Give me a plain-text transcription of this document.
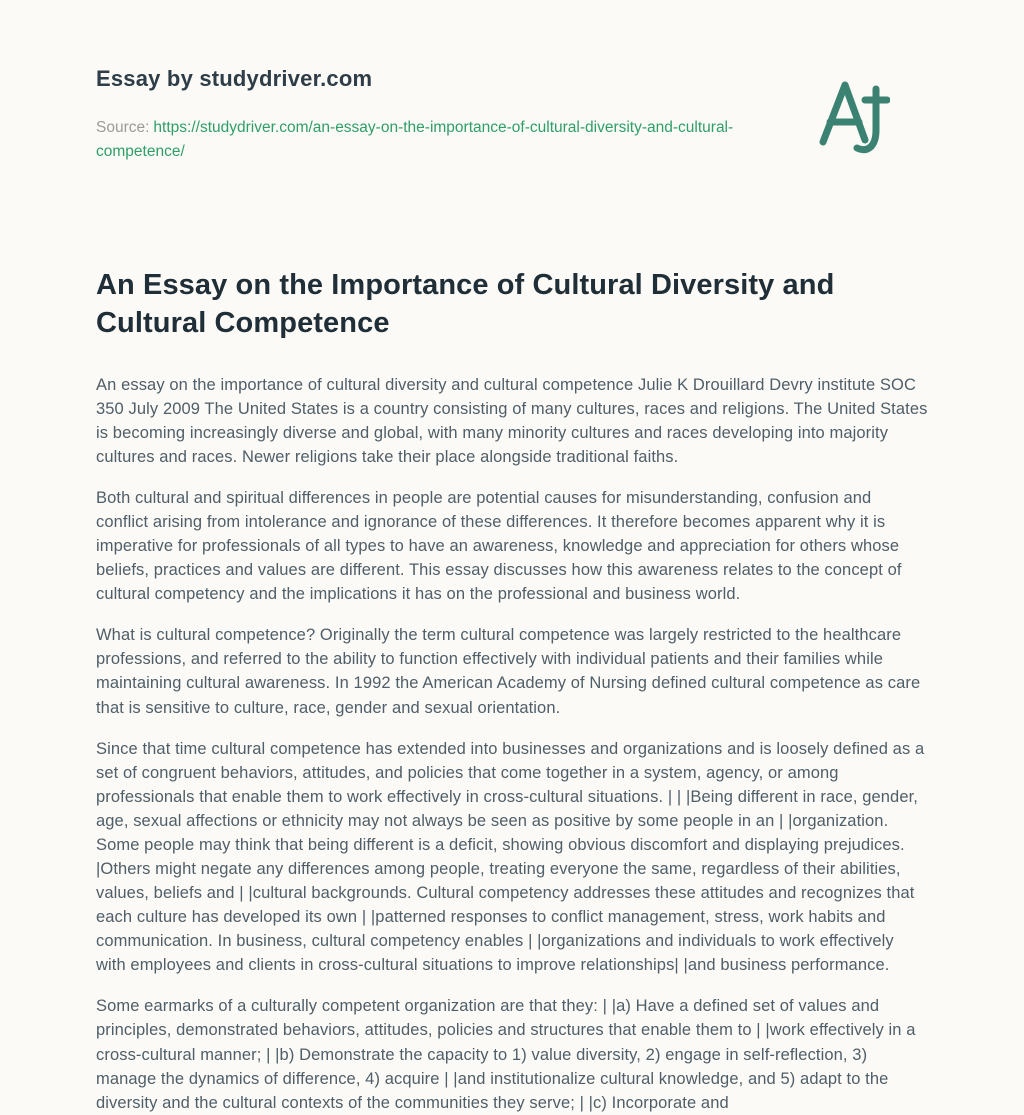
Essay by studydriver.com
Source: https://studydriver.com/an-essay-on-the-importance-of-cultural-diversity-and-cultural-competence/
An Essay on the Importance of Cultural Diversity and Cultural Competence

An essay on the importance of cultural diversity and cultural competence Julie K Drouillard Devry institute SOC 350 July 2009 The United States is a country consisting of many cultures, races and religions. The United States is becoming increasingly diverse and global, with many minority cultures and races developing into majority cultures and races. Newer religions take their place alongside traditional faiths.

Both cultural and spiritual differences in people are potential causes for misunderstanding, confusion and conflict arising from intolerance and ignorance of these differences. It therefore becomes apparent why it is imperative for professionals of all types to have an awareness, knowledge and appreciation for others whose beliefs, practices and values are different. This essay discusses how this awareness relates to the concept of cultural competency and the implications it has on the professional and business world.

What is cultural competence? Originally the term cultural competence was largely restricted to the healthcare professions, and referred to the ability to function effectively with individual patients and their families while maintaining cultural awareness. In 1992 the American Academy of Nursing defined cultural competence as care that is sensitive to culture, race, gender and sexual orientation.

Since that time cultural competence has extended into businesses and organizations and is loosely defined as a set of congruent behaviors, attitudes, and policies that come together in a system, agency, or among professionals that enable them to work effectively in cross-cultural situations. | | |Being different in race, gender, age, sexual affections or ethnicity may not always be seen as positive by some people in an | |organization. Some people may think that being different is a deficit, showing obvious discomfort and displaying prejudices. |Others might negate any differences among people, treating everyone the same, regardless of their abilities, values, beliefs and | |cultural backgrounds. Cultural competency addresses these attitudes and recognizes that each culture has developed its own | |patterned responses to conflict management, stress, work habits and communication. In business, cultural competency enables | |organizations and individuals to work effectively with employees and clients in cross-cultural situations to improve relationships| |and business performance.

Some earmarks of a culturally competent organization are that they: | |a) Have a defined set of values and principles, demonstrated behaviors, attitudes, policies and structures that enable them to | |work effectively in a cross-cultural manner; | |b) Demonstrate the capacity to 1) value diversity, 2) engage in self-reflection, 3) manage the dynamics of difference, 4) acquire | |and institutionalize cultural knowledge, and 5) adapt to the diversity and the cultural contexts of the communities they serve; | |c) Incorporate and
